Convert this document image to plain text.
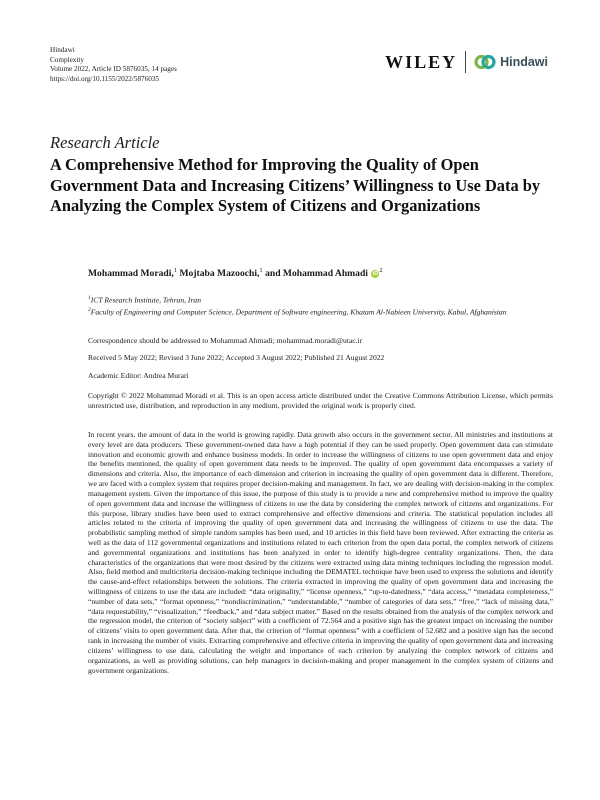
Hindawi
Complexity
Volume 2022, Article ID 5876035, 14 pages
https://doi.org/10.1155/2022/5876035
WILEY	Hindawi
Research Article
A Comprehensive Method for Improving the Quality of Open Government Data and Increasing Citizens’ Willingness to Use Data by Analyzing the Complex System of Citizens and Organizations
Mohammad Moradi,$^1$ Mojtaba Mazoochi,$^1$ and Mohammad Ahmadi $iD^2$
$^1$ICT Research Institute, Tehran, Iran
$^2$Faculty of Engineering and Computer Science, Department of Software engineering, Khatam Al-Nabieen University, Kabul, Afghanistan
Correspondence should be addressed to Mohammad Ahmadi; mohammad.moradi@utac.ir
Received 5 May 2022; Revised 3 June 2022; Accepted 3 August 2022; Published 21 August 2022
Academic Editor: Andrea Murari
Copyright © 2022 Mohammad Moradi et al. This is an open access article distributed under the Creative Commons Attribution License, which permits unrestricted use, distribution, and reproduction in any medium, provided the original work is properly cited.
In recent years, the amount of data in the world is growing rapidly. Data growth also occurs in the government sector. All ministries and institutions at every level are data producers. These government-owned data have a high potential if they can be used properly. Open government data can stimulate innovation and economic growth and enhance business models. In order to increase the willingness of citizens to use open government data and enjoy the benefits mentioned, the quality of open government data needs to be improved. The quality of open government data encompasses a variety of dimensions and criteria. Also, the importance of each dimension and criterion in increasing the quality of open government data is different. Therefore, we are faced with a complex system that requires proper decision-making and management. In fact, we are dealing with decision-making in the complex management system. Given the importance of this issue, the purpose of this study is to provide a new and comprehensive method to improve the quality of open government data and increase the willingness of citizens to use the data by considering the complex network of citizens and organizations. For this purpose, library studies have been used to extract comprehensive and effective dimensions and criteria. The statistical population includes all articles related to the criteria of improving the quality of open government data and increasing the willingness of citizens to use the data. The probabilistic sampling method of simple random samples has been used, and 10 articles in this field have been reviewed. After extracting the criteria as well as the data of 112 governmental organizations and institutions related to each criterion from the open data portal, the complex network of citizens and governmental organizations and institutions has been analyzed in order to identify high-degree centrality organizations. Then, the data characteristics of the organizations that were most desired by the citizens were extracted using data mining techniques including the regression model. Also, field method and multicriteria decision-making technique including the DEMATEL technique have been used to express the solutions and identify the cause-and-effect relationships between the solutions. The criteria extracted in improving the quality of open government data and increasing the willingness of citizens to use the data are included: “data originality,” “license openness,” “up-to-datedness,” “data access,” “metadata completeness,” “number of data sets,” “format openness,” “nondiscrimination,” “understandable,” “number of categories of data sets,” “free,” “lack of missing data,” “data requestability,” “visualization,” “feedback,” and “data subject matter.” Based on the results obtained from the analysis of the complex network and the regression model, the criterion of “society subject” with a coefficient of 72.564 and a positive sign has the greatest impact on increasing the number of citizens’ visits to open government data. After that, the criterion of “format openness” with a coefficient of 52.682 and a positive sign has the second rank in increasing the number of visits. Extracting comprehensive and effective criteria in improving the quality of open government data and increasing citizens’ willingness to use data, calculating the weight and importance of each criterion by analyzing the complex network of citizens and organizations, as well as providing solutions, can help managers in decision-making and proper management in the complex system of citizens and government organizations.
